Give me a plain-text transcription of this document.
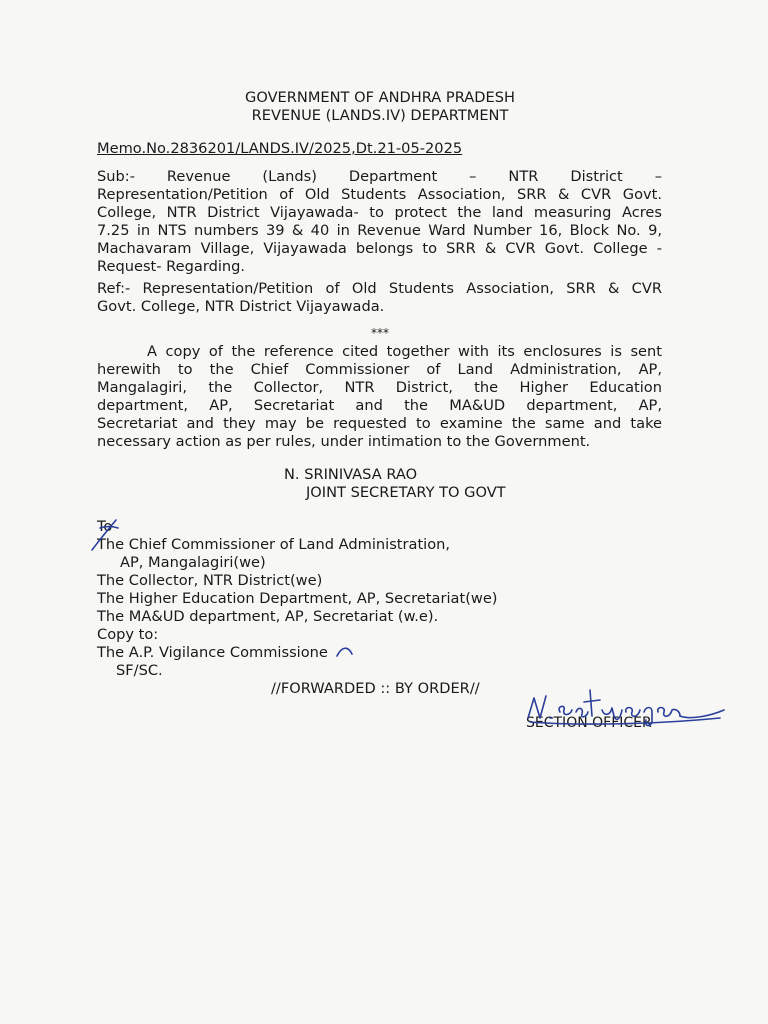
GOVERNMENT OF ANDHRA PRADESH
REVENUE (LANDS.IV) DEPARTMENT
Memo.No.2836201/LANDS.IV/2025,Dt.21-05-2025
Sub:- Revenue (Lands) Department – NTR District –
Representation/Petition of Old Students Association, SRR & CVR Govt.
College, NTR District Vijayawada- to protect the land measuring Acres
7.25 in NTS numbers 39 & 40 in Revenue Ward Number 16, Block No. 9,
Machavaram Village, Vijayawada belongs to SRR & CVR Govt. College -
Request- Regarding.
Ref:- Representation/Petition of Old Students Association, SRR & CVR
Govt. College, NTR District Vijayawada.
***
A copy of the reference cited together with its enclosures is sent
herewith to the Chief Commissioner of Land Administration, AP,
Mangalagiri, the Collector, NTR District, the Higher Education
department, AP, Secretariat and the MA&UD department, AP,
Secretariat and they may be requested to examine the same and take
necessary action as per rules, under intimation to the Government.
N. SRINIVASA RAO
JOINT SECRETARY TO GOVT
To
The Chief Commissioner of Land Administration,
AP, Mangalagiri(we)
The Collector, NTR District(we)
The Higher Education Department, AP, Secretariat(we)
The MA&UD department, AP, Secretariat (w.e).
Copy to:
The A.P. Vigilance Commissione
SF/SC.
//FORWARDED :: BY ORDER//
SECTION OFFICER
